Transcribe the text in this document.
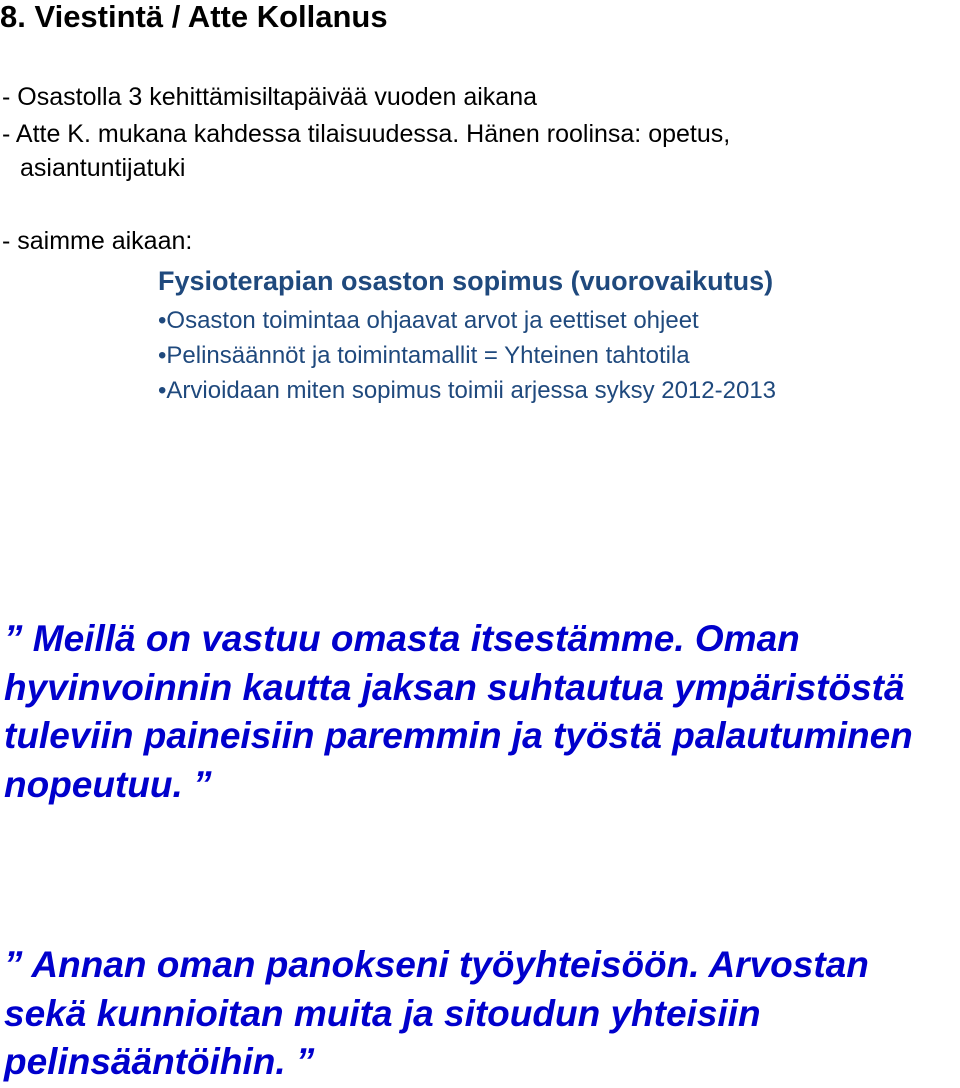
8. Viestintä / Atte Kollanus

- Osastolla 3 kehittämisiltapäivää vuoden aikana

- Atte K. mukana kahdessa tilaisuudessa. Hänen roolinsa: opetus,

asiantuntijatuki

- saimme aikaan:

Fysioterapian osaston sopimus (vuorovaikutus)

•Osaston toimintaa ohjaavat arvot ja eettiset ohjeet

•Pelinsäännöt ja toimintamallit = Yhteinen tahtotila

•Arvioidaan miten sopimus toimii arjessa syksy 2012-2013

” Meillä on vastuu omasta itsestämme. Oman hyvinvoinnin kautta jaksan suhtautua ympäristöstä tuleviin paineisiin paremmin ja työstä palautuminen nopeutuu. ”

” Annan oman panokseni työyhteisöön. Arvostan sekä kunnioitan muita ja sitoudun yhteisiin pelinsääntöihin. ”
